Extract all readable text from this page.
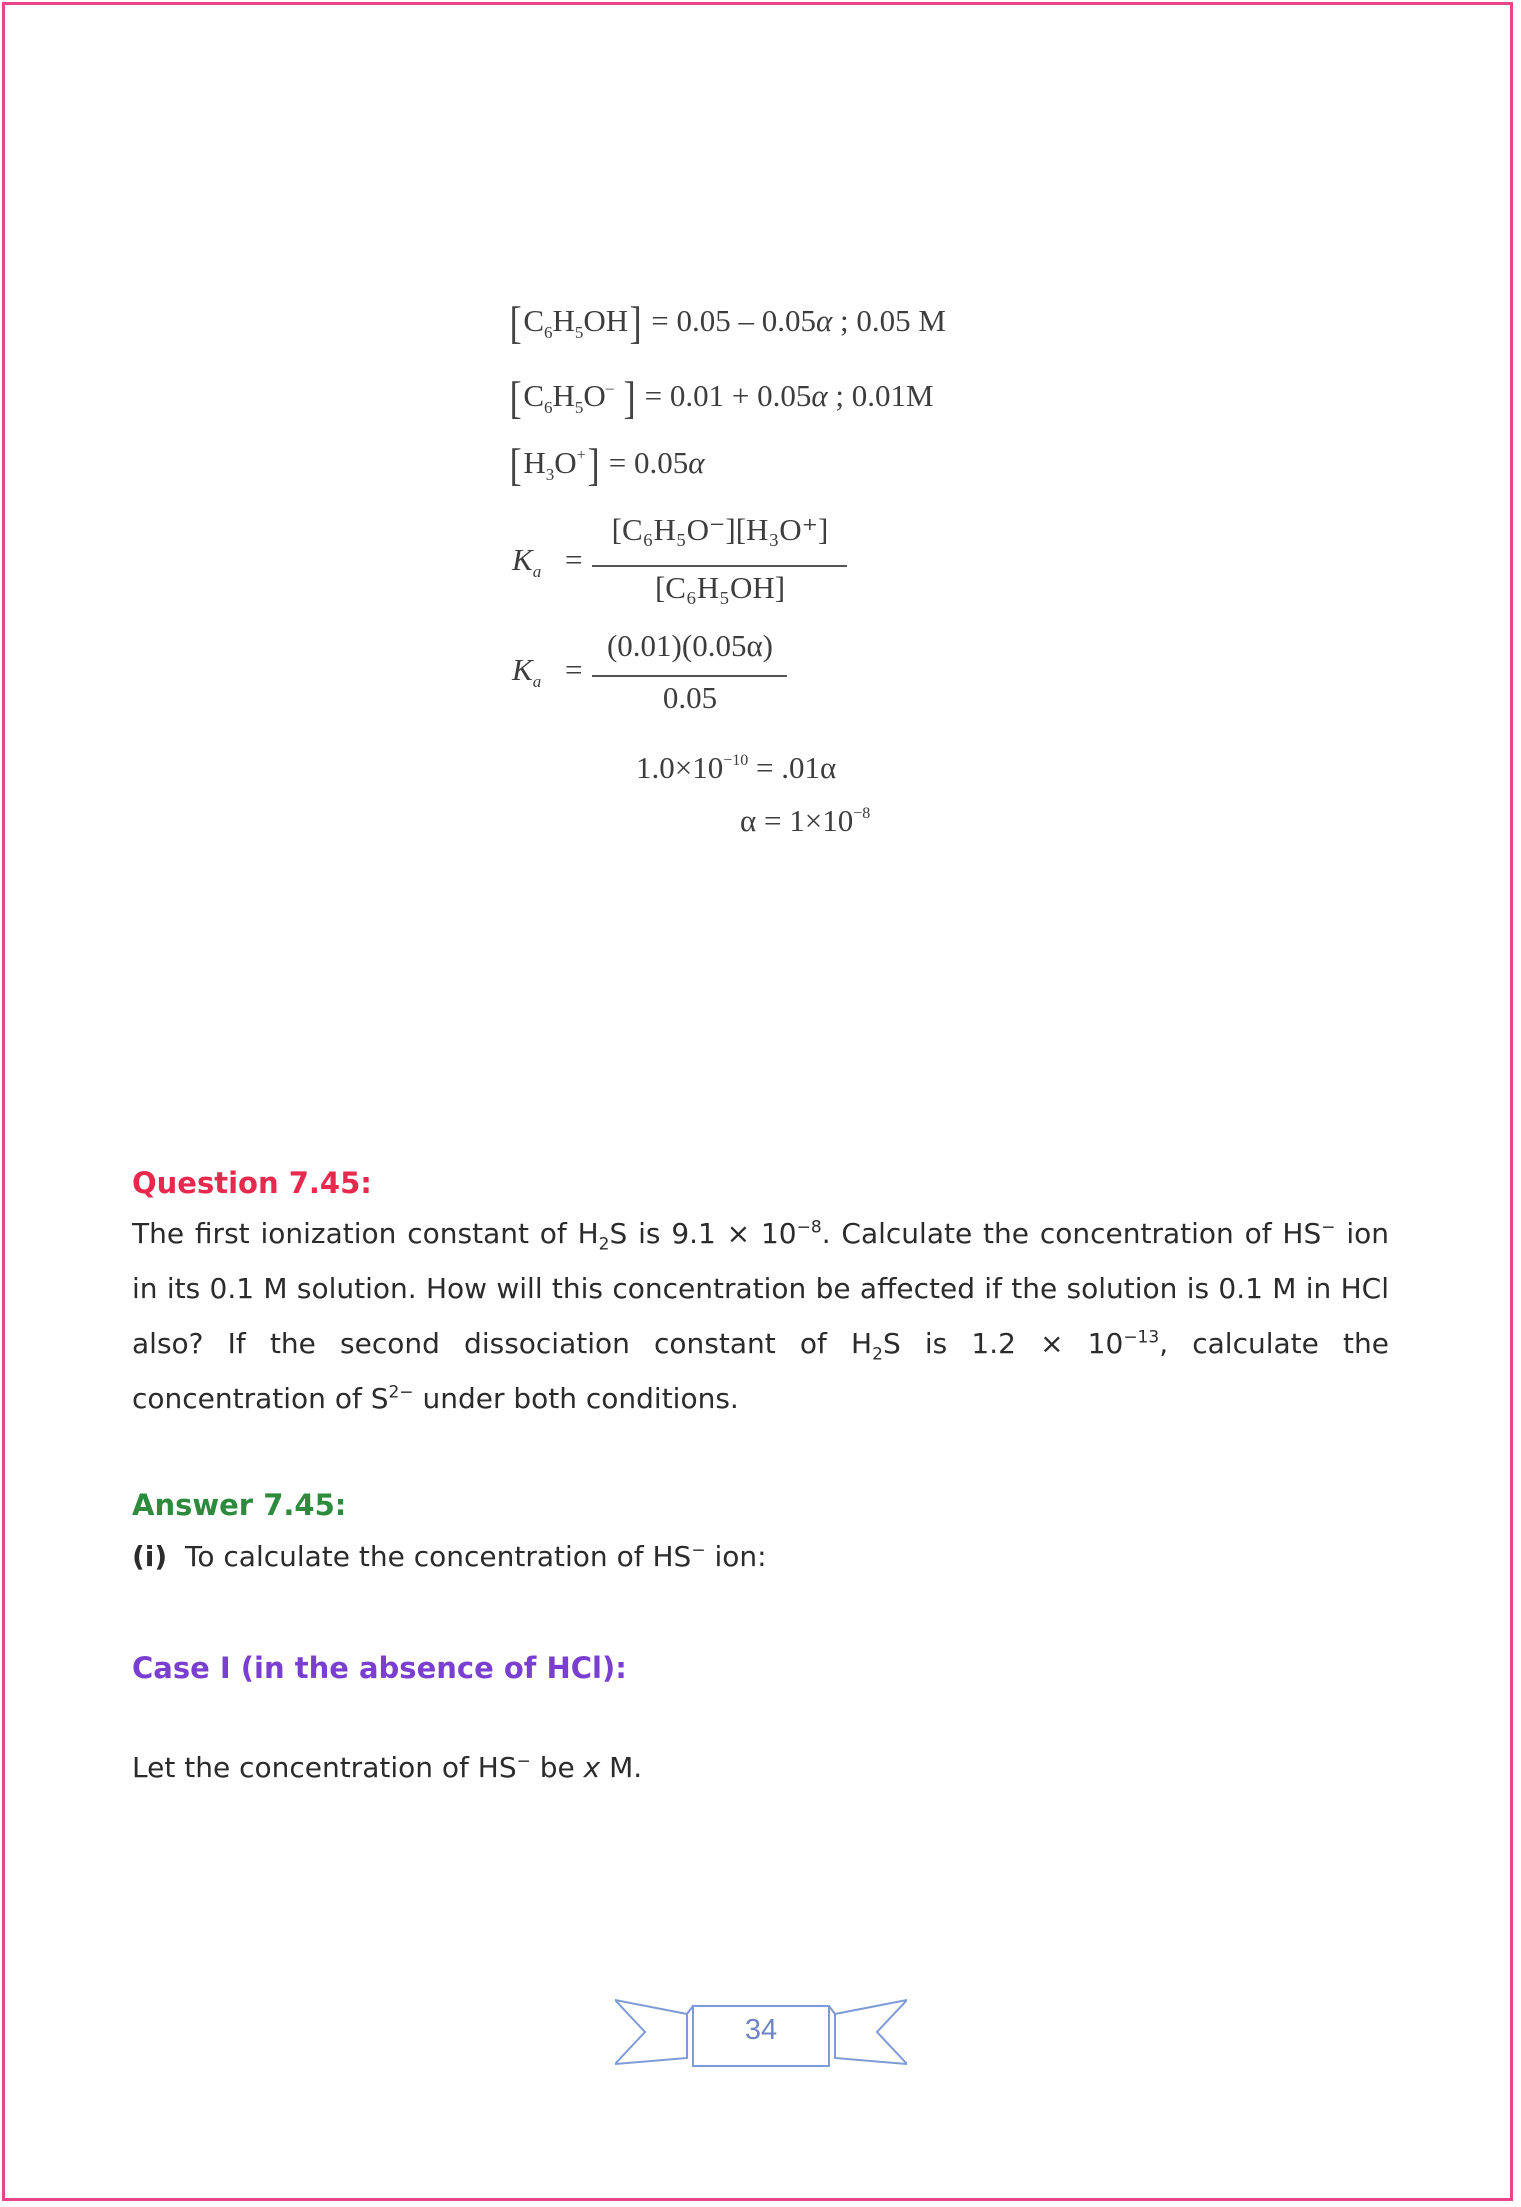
$[C_6H_5OH] = 0.05 - 0.05\alpha$ ; 0.05 M
[$C_6H_5O^-$ ] = 0.01 + 0.05α ; 0.01M
$[H_3O^+] = 0.05\alpha$
$K_a$ =
[C₆H₅O⁻][H₃O⁺]
[C₆H₅OH]
$K_a$ =
(0.01)(0.05α)
0.05
$1.0\times 10^{-10} = .01\alpha$
$\alpha = 1\times 10^{-8}$
Question 7.45:
The first ionization constant of $H_2S$ is $9.1 \times 10^{-8}$. Calculate the concentration of HS− ion in its 0.1 M solution. How will this concentration be affected if the solution is 0.1 M in HCl also? If the second dissociation constant of $H_2S$ is $1.2 \times 10^{-13}$, calculate the concentration of $S^{2-}$ under both conditions.
Answer 7.45:
(i) To calculate the concentration of HS− ion:
Case I (in the absence of HCl):
Let the concentration of HS− be x M.
34
